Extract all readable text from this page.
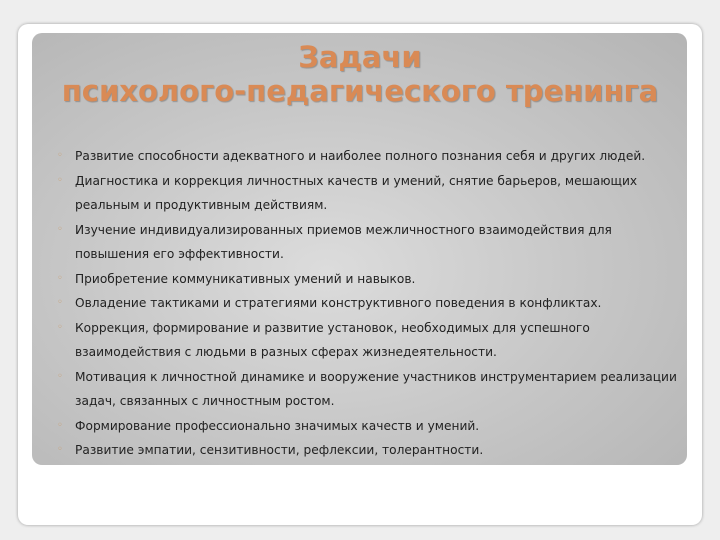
Задачи
психолого-педагического тренинга
◦ Развитие способности адекватного и наиболее полного познания себя и других людей.
◦ Диагностика и коррекция личностных качеств и умений, снятие барьеров, мешающих реальным и продуктивным действиям.
◦ Изучение индивидуализированных приемов межличностного взаимодействия для повышения его эффективности.
◦ Приобретение коммуникативных умений и навыков.
◦ Овладение тактиками и стратегиями конструктивного поведения в конфликтах.
◦ Коррекция, формирование и развитие установок, необходимых для успешного взаимодействия с людьми в разных сферах жизнедеятельности.
◦ Мотивация к личностной динамике и вооружение участников инструментарием реализации задач, связанных с личностным ростом.
◦ Формирование профессионально значимых качеств и умений.
◦ Развитие эмпатии, сензитивности, рефлексии, толерантности.
